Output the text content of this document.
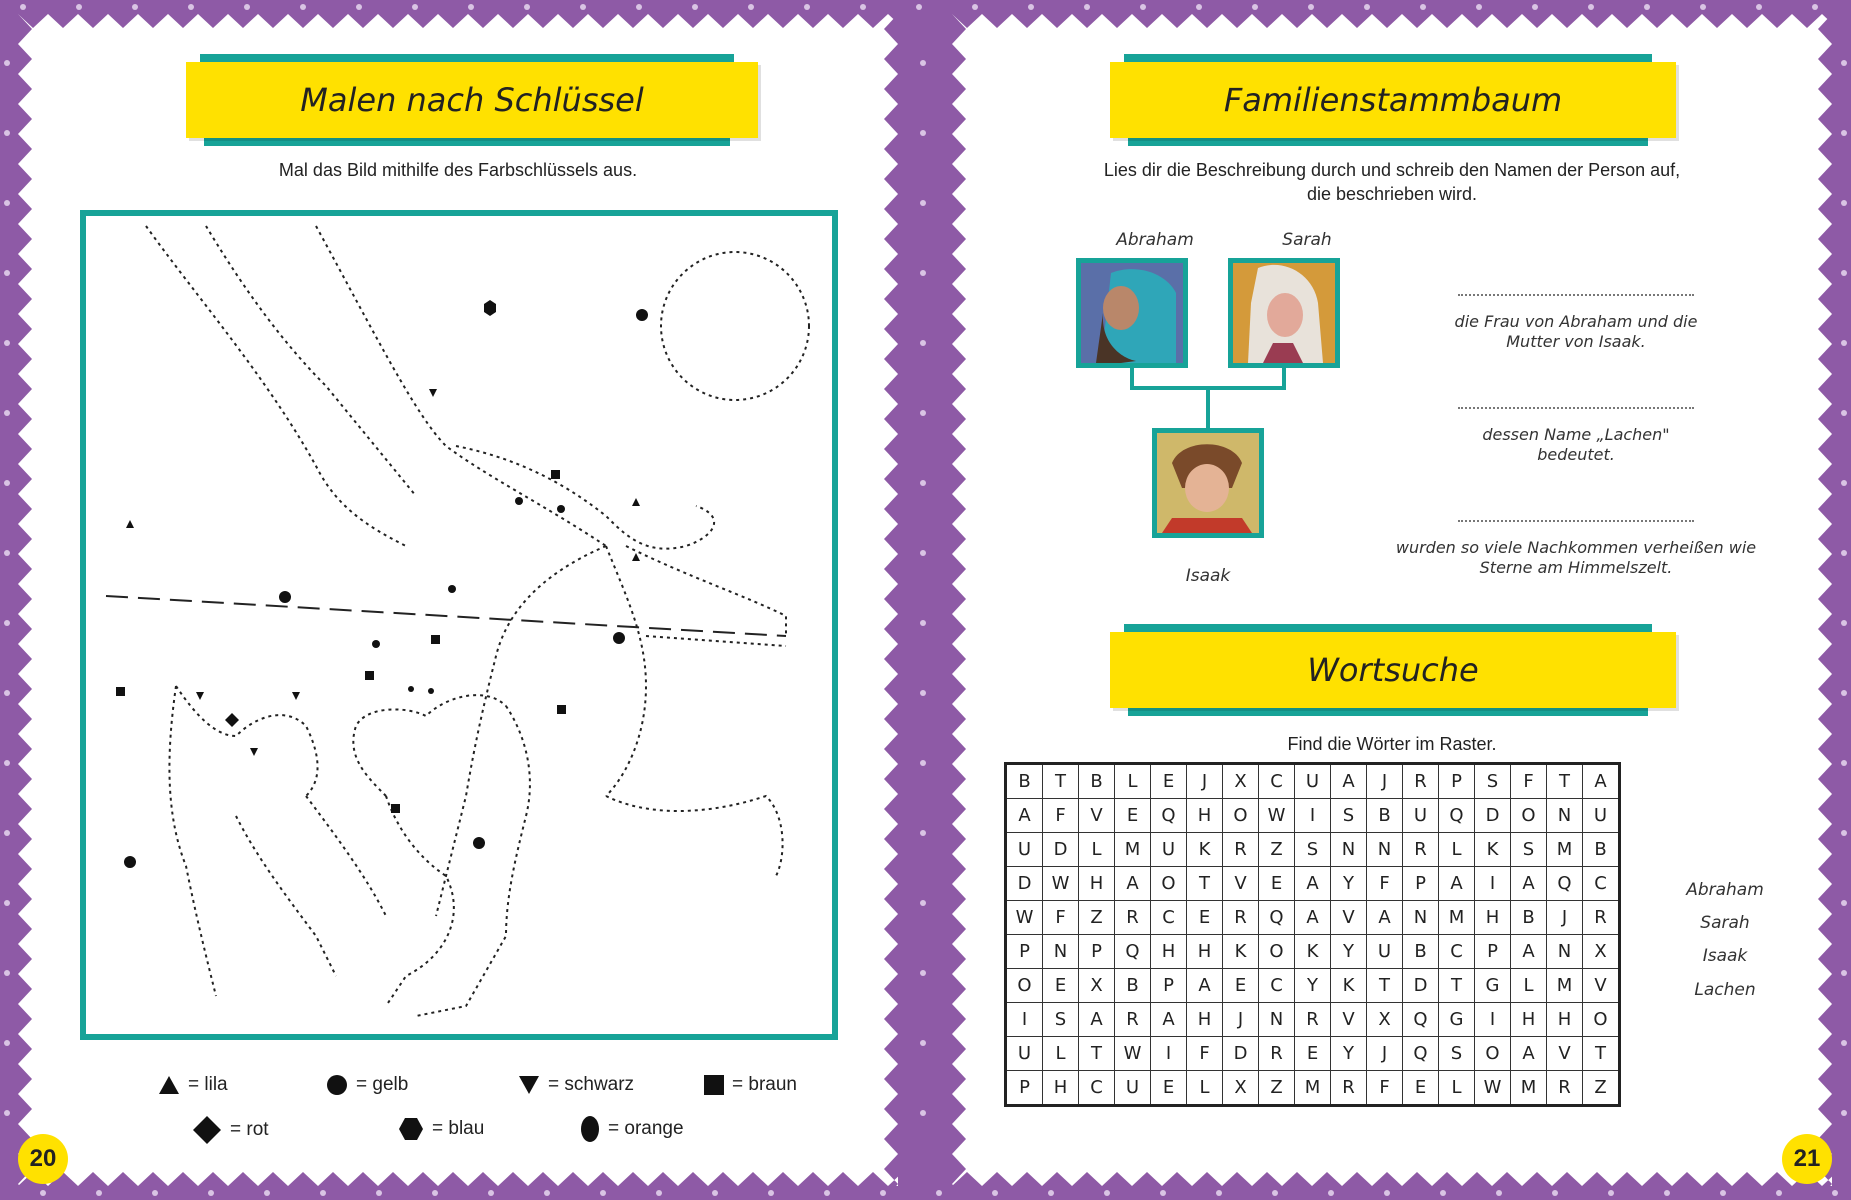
Malen nach Schlüssel
Mal das Bild mithilfe des Farbschlüssels aus.
= lila	= gelb	= schwarz	= braun
= rot	= blau	= orange
20
Familienstammbaum
Lies dir die Beschreibung durch und schreib den Namen der Person auf,
die beschrieben wird.
Abraham	Sarah
Isaak
die Frau von Abraham und die
Mutter von Isaak.
dessen Name „Lachen"
bedeutet.
wurden so viele Nachkommen verheißen wie
Sterne am Himmelszelt.
Wortsuche
Find die Wörter im Raster.
B	T	B	L	E	J	X	C	U	A	J	R	P	S	F	T	A
A	F	V	E	Q	H	O	W	I	S	B	U	Q	D	O	N	U
U	D	L	M	U	K	R	Z	S	N	N	R	L	K	S	M	B
D	W	H	A	O	T	V	E	A	Y	F	P	A	I	A	Q	C
W	F	Z	R	C	E	R	Q	A	V	A	N	M	H	B	J	R
P	N	P	Q	H	H	K	O	K	Y	U	B	C	P	A	N	X
O	E	X	B	P	A	E	C	Y	K	T	D	T	G	L	M	V
I	S	A	R	A	H	J	N	R	V	X	Q	G	I	H	H	O
U	L	T	W	I	F	D	R	E	Y	J	Q	S	O	A	V	T
P	H	C	U	E	L	X	Z	M	R	F	E	L	W	M	R	Z
Abraham
Sarah
Isaak
Lachen
21
